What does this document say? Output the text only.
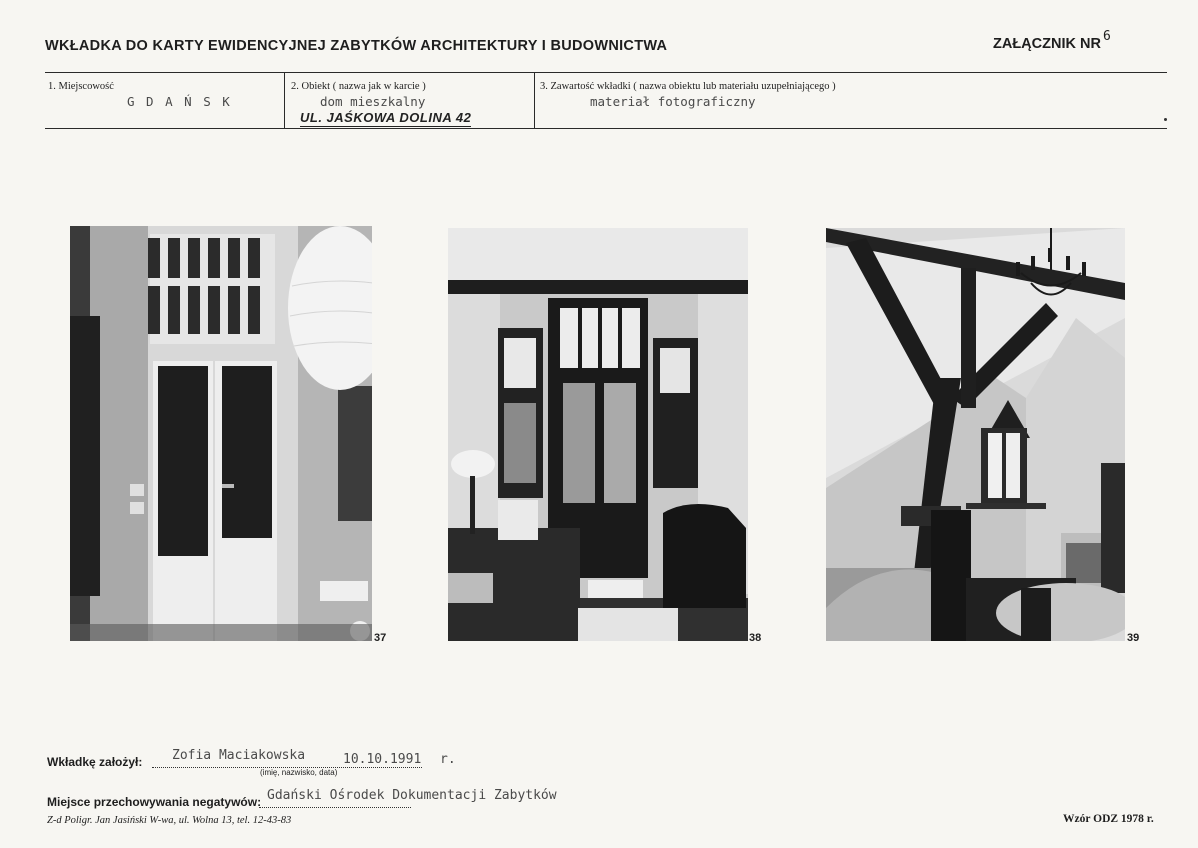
WKŁADKA DO KARTY EWIDENCYJNEJ ZABYTKÓW ARCHITEKTURY I BUDOWNICTWA	ZAŁĄCZNIK NR 6
1. Miejscowość
G D A Ń S K
2. Obiekt ( nazwa jak w karcie )
dom mieszkalny
UL. JAŚKOWA DOLINA 42
3. Zawartość wkładki ( nazwa obiektu lub materiału uzupełniającego )
materiał fotograficzny
37	38	39
Wkładkę założył: Zofia Maciakowska	10.10.1991 r.
(imię, nazwisko, data)
Miejsce przechowywania negatywów: Gdański Ośrodek Dokumentacji Zabytków
Z-d Poligr. Jan Jasiński W-wa, ul. Wolna 13, tel. 12-43-83	Wzór ODZ 1978 r.
